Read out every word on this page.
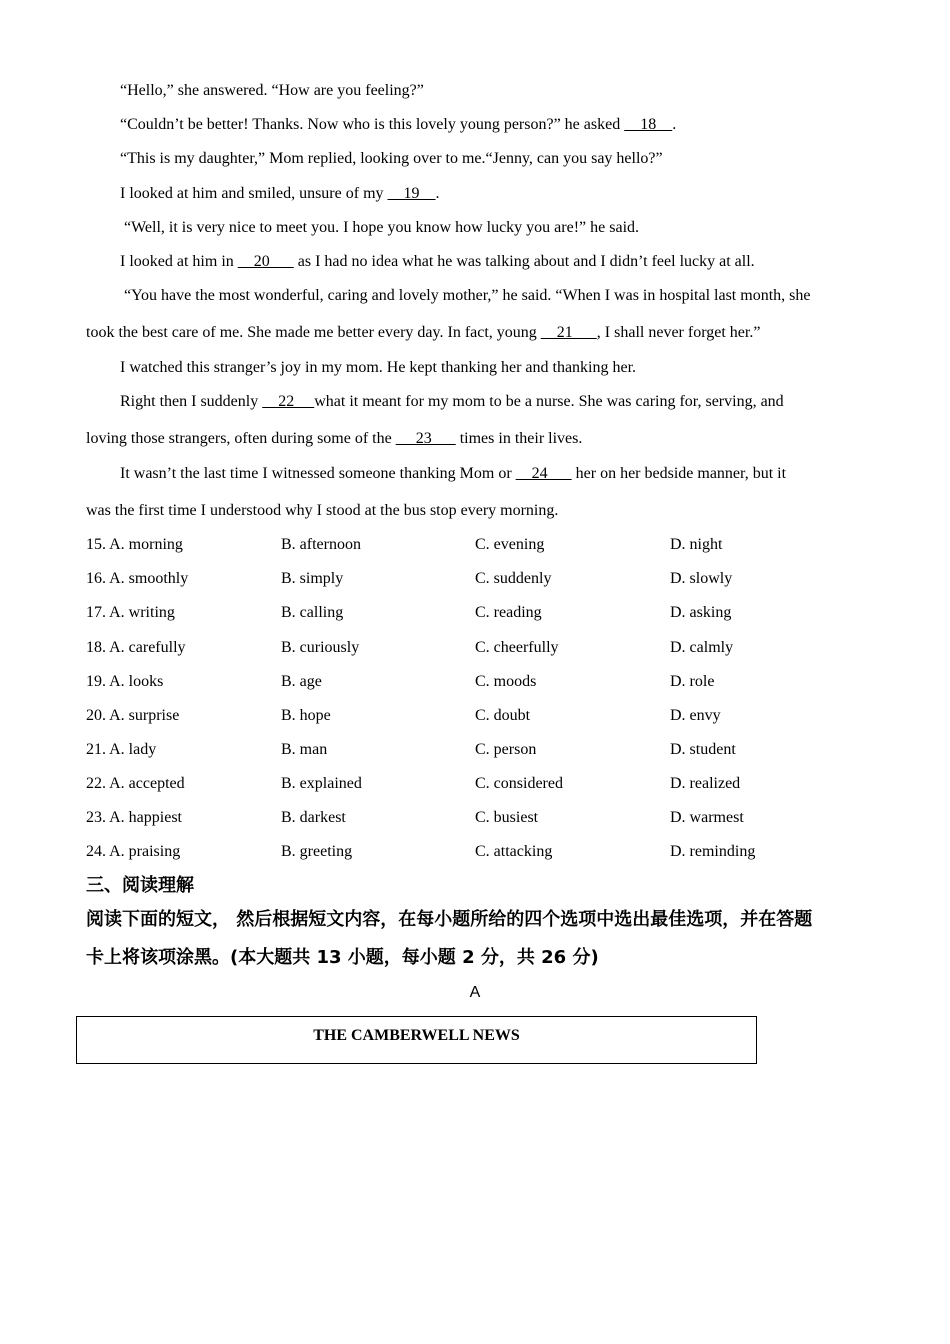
“Hello,” she answered. “How are you feeling?”
“Couldn’t be better! Thanks. Now who is this lovely young person?” he asked     18    .
“This is my daughter,” Mom replied, looking over to me.“Jenny, can you say hello?”
I looked at him and smiled, unsure of my     19    .
“Well, it is very nice to meet you. I hope you know how lucky you are!” he said.
I looked at him in     20       as I had no idea what he was talking about and I didn’t feel lucky at all.
“You have the most wonderful, caring and lovely mother,” he said. “When I was in hospital last month, she
took the best care of me. She made me better every day. In fact, young     21      , I shall never forget her.”
I watched this stranger’s joy in my mom. He kept thanking her and thanking her.
Right then I suddenly     22     what it meant for my mom to be a nurse. She was caring for, serving, and
loving those strangers, often during some of the      23       times in their lives.
It wasn’t the last time I witnessed someone thanking Mom or     24       her on her bedside manner, but it
was the first time I understood why I stood at the bus stop every morning.
15. A. morning	B. afternoon	C. evening	D. night
16. A. smoothly	B. simply	C. suddenly	D. slowly
17. A. writing	B. calling	C. reading	D. asking
18. A. carefully	B. curiously	C. cheerfully	D. calmly
19. A. looks	B. age	C. moods	D. role
20. A. surprise	B. hope	C. doubt	D. envy
21. A. lady	B. man	C. person	D. student
22. A. accepted	B. explained	C. considered	D. realized
23. A. happiest	B. darkest	C. busiest	D. warmest
24. A. praising	B. greeting	C. attacking	D. reminding
三、阅读理解
阅读下面的短文， 然后根据短文内容，在每小题所给的四个选项中选出最佳选项，并在答题
卡上将该项涂黑。(本大题共 13 小题，每小题 2 分，共 26 分)
A
THE CAMBERWELL NEWS
